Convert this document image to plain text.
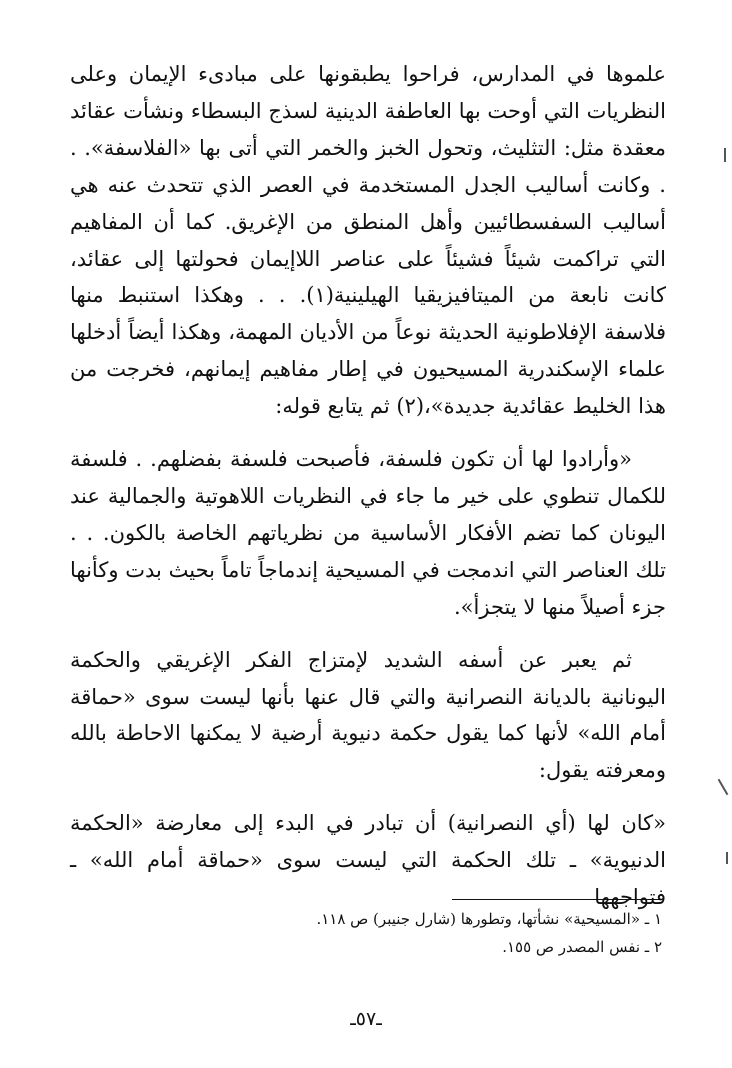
علموها في المدارس، فراحوا يطبقونها على مبادىء الإيمان وعلى النظريات التي أوحت بها العاطفة الدينية لسذج البسطاء ونشأت عقائد معقدة مثل: التثليث، وتحول الخبز والخمر التي أتى بها «الفلاسفة». . . وكانت أساليب الجدل المستخدمة في العصر الذي تتحدث عنه هي أساليب السفسطائيين وأهل المنطق من الإغريق. كما أن المفاهيم التي تراكمت شيئاً فشيئاً على عناصر اللاإيمان فحولتها إلى عقائد، كانت نابعة من الميتافيزيقيا الهيلينية(١). . . وهكذا استنبط منها فلاسفة الإفلاطونية الحديثة نوعاً من الأديان المهمة، وهكذا أيضاً أدخلها علماء الإسكندرية المسيحيون في إطار مفاهيم إيمانهم، فخرجت من هذا الخليط عقائدية جديدة»،(٢) ثم يتابع قوله:

«وأرادوا لها أن تكون فلسفة، فأصبحت فلسفة بفضلهم. . فلسفة للكمال تنطوي على خير ما جاء في النظريات اللاهوتية والجمالية عند اليونان كما تضم الأفكار الأساسية من نظرياتهم الخاصة بالكون. . . تلك العناصر التي اندمجت في المسيحية إندماجاً تاماً بحيث بدت وكأنها جزء أصيلاً منها لا يتجزأ».

ثم يعبر عن أسفه الشديد لإمتزاج الفكر الإغريقي والحكمة اليونانية بالديانة النصرانية والتي قال عنها بأنها ليست سوى «حماقة أمام الله» لأنها كما يقول حكمة دنيوية أرضية لا يمكنها الاحاطة بالله ومعرفته يقول:

«كان لها (أي النصرانية) أن تبادر في البدء إلى معارضة «الحكمة الدنيوية» ـ تلك الحكمة التي ليست سوى «حماقة أمام الله» ـ فتواجهها

١ ـ «المسيحية» نشأتها، وتطورها (شارل جنيبر) ص ١١٨.
٢ ـ نفس المصدر ص ١٥٥.
ـ٥٧ـ
